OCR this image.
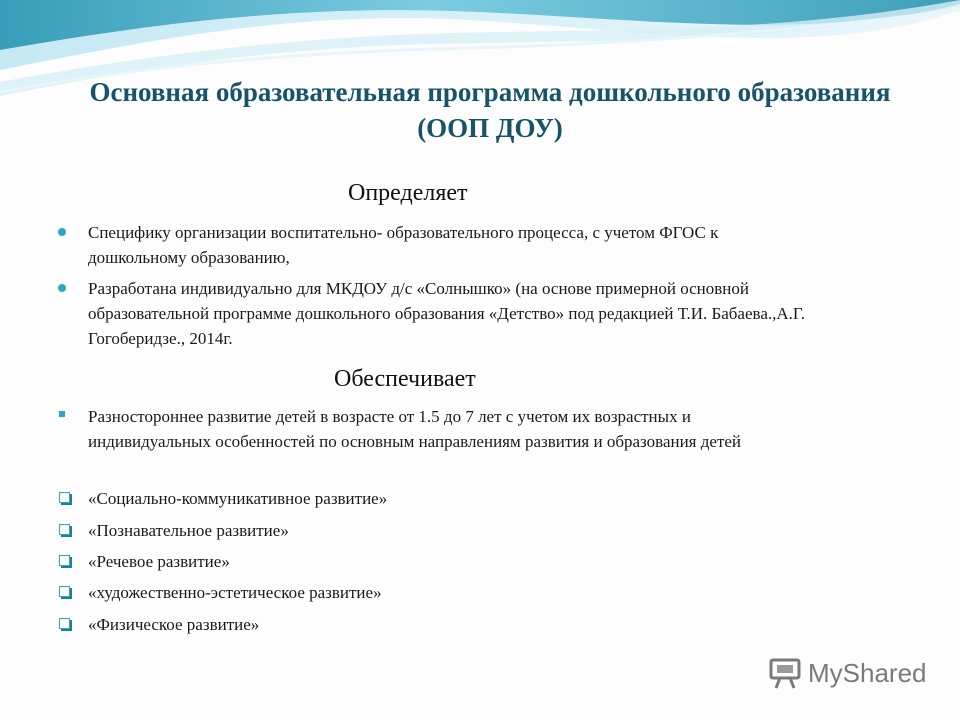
Основная образовательная программа дошкольного образования (ООП ДОУ)
Определяет
Специфику организации воспитательно- образовательного процесса, с учетом ФГОС к дошкольному образованию,
Разработана индивидуально для МКДОУ д/с «Солнышко» (на основе примерной основной образовательной программе дошкольного образования «Детство» под редакцией Т.И. Бабаева.,А.Г. Гогоберидзе., 2014г.
Обеспечивает
Разностороннее развитие детей в возрасте от 1.5 до 7 лет с учетом их возрастных и индивидуальных особенностей по основным направлениям развития и образования детей
«Социально-коммуникативное развитие»
«Познавательное развитие»
«Речевое развитие»
«художественно-эстетическое развитие»
«Физическое развитие»
MyShared
